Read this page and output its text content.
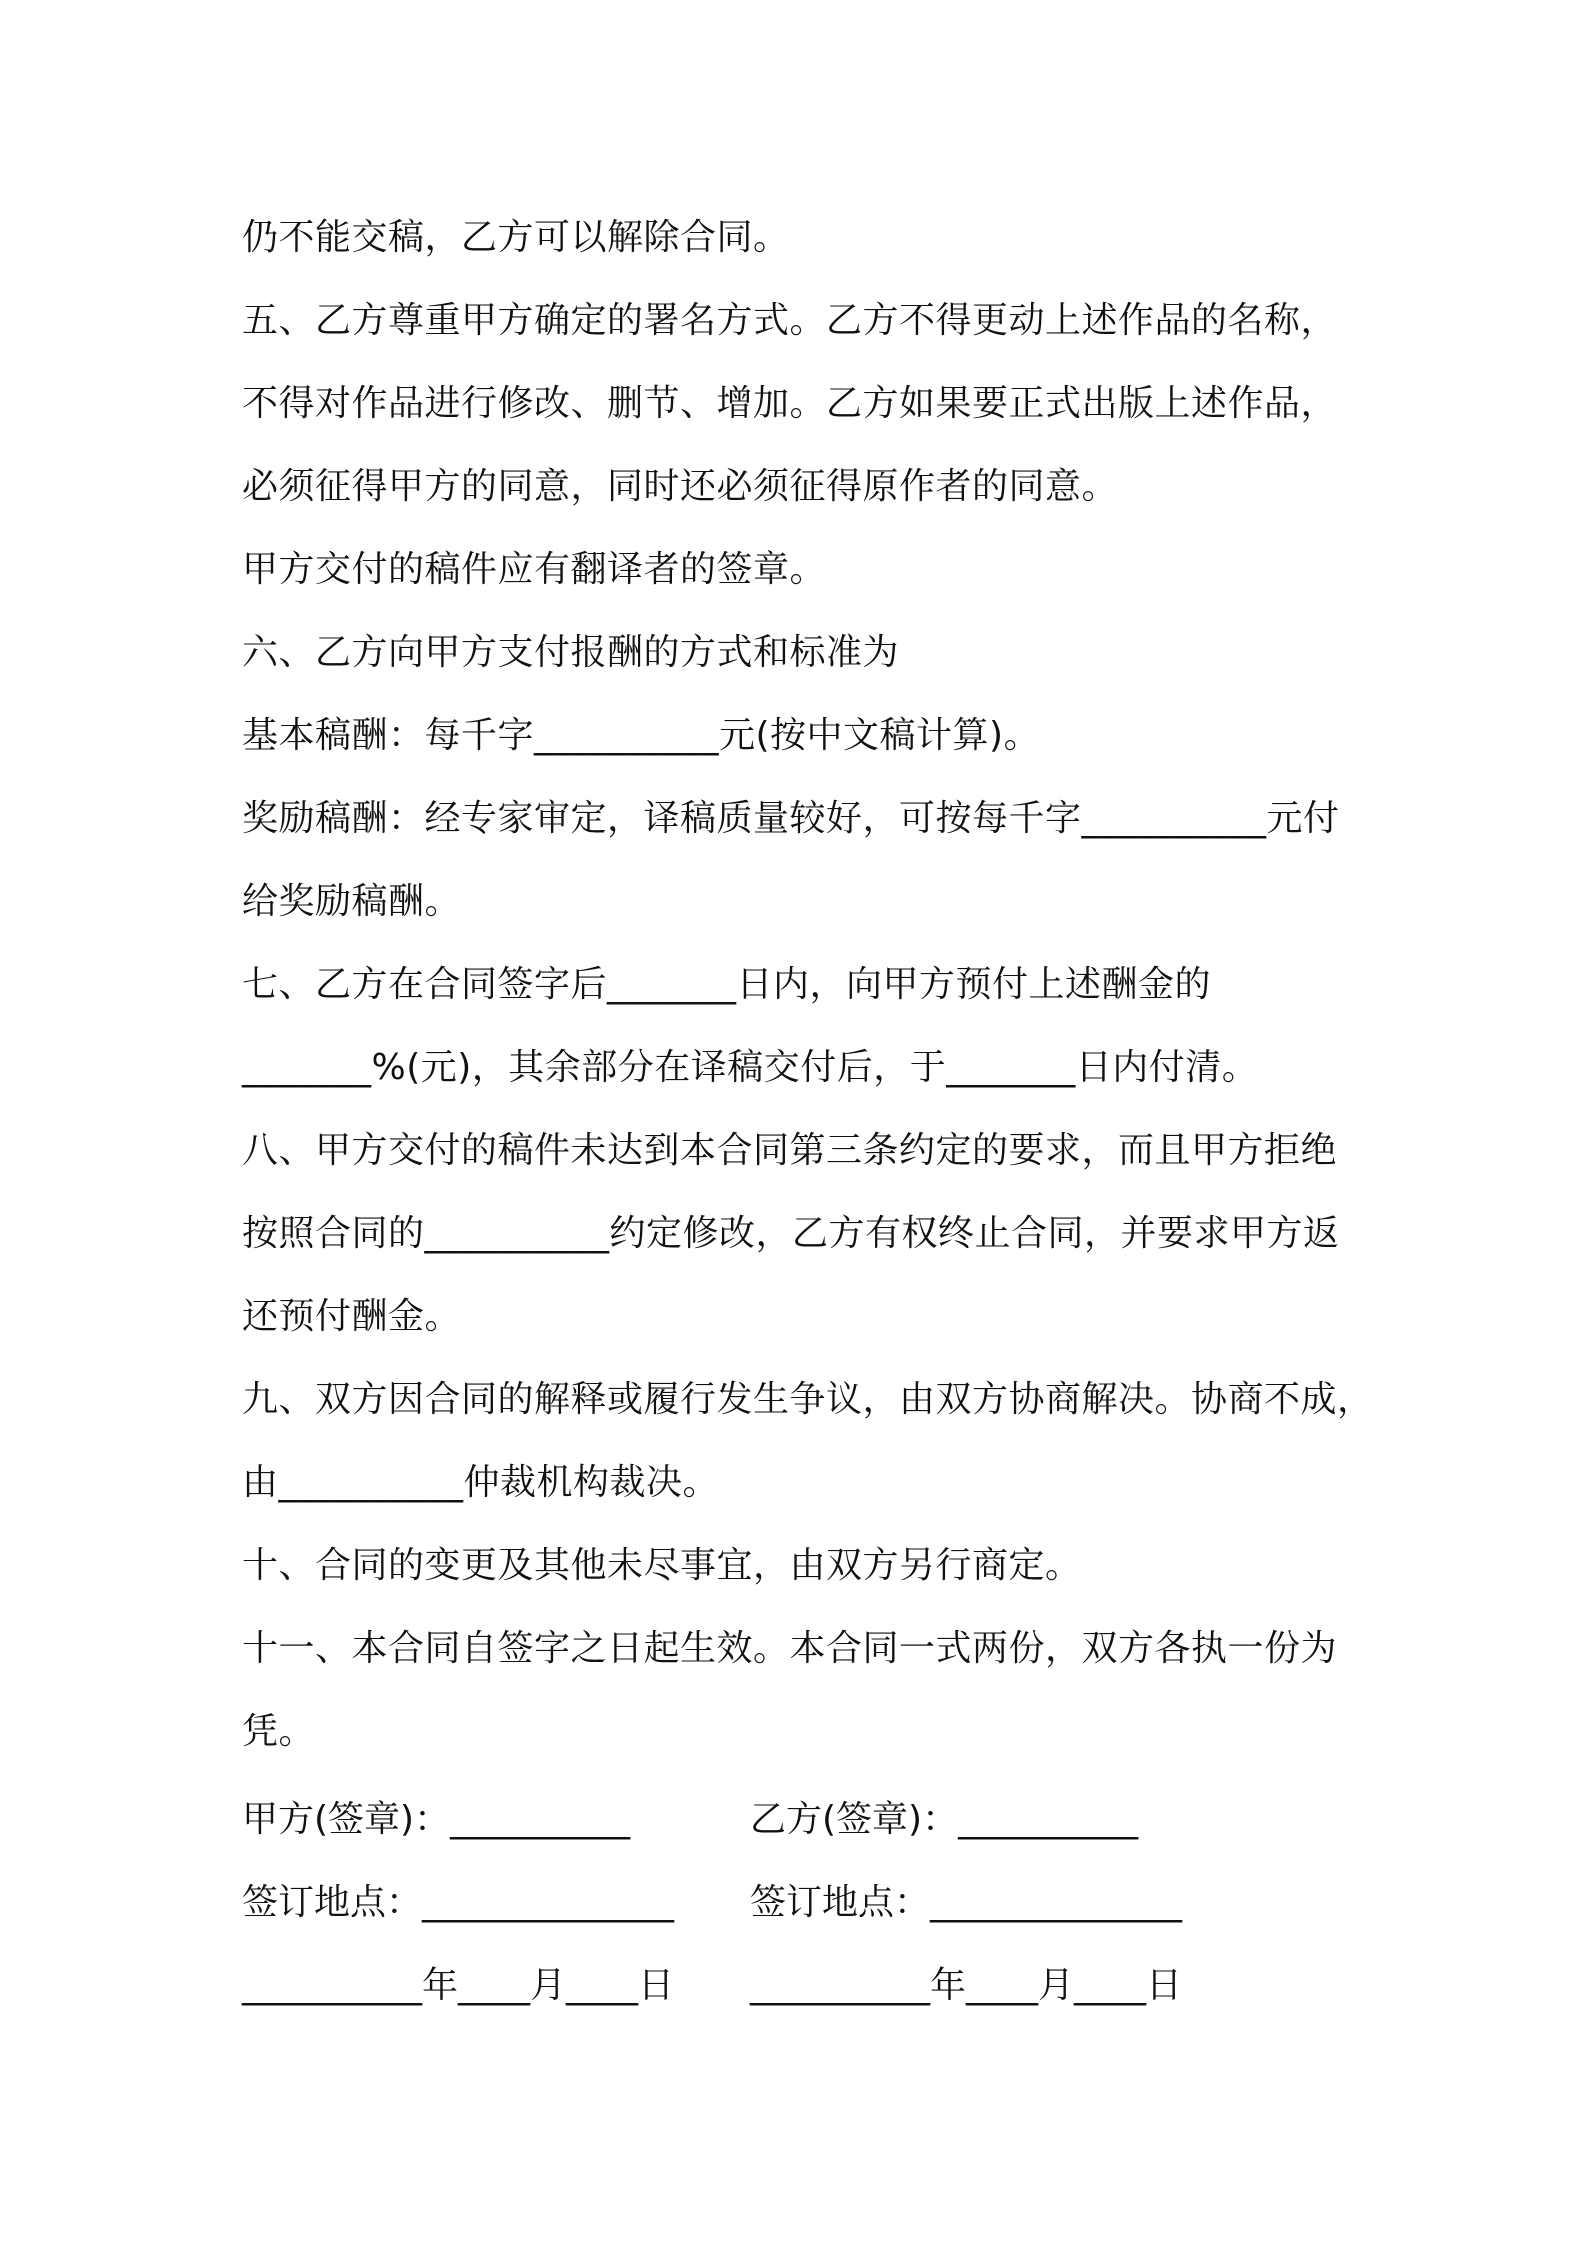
仍不能交稿，乙方可以解除合同。
五、乙方尊重甲方确定的署名方式。乙方不得更动上述作品的名称，
不得对作品进行修改、删节、增加。乙方如果要正式出版上述作品，
必须征得甲方的同意，同时还必须征得原作者的同意。
甲方交付的稿件应有翻译者的签章。
六、乙方向甲方支付报酬的方式和标准为
基本稿酬：每千字__________元(按中文稿计算)。
奖励稿酬：经专家审定，译稿质量较好，可按每千字__________元付
给奖励稿酬。
七、乙方在合同签字后_______日内，向甲方预付上述酬金的
_______%(元)，其余部分在译稿交付后，于_______日内付清。
八、甲方交付的稿件未达到本合同第三条约定的要求，而且甲方拒绝
按照合同的__________约定修改，乙方有权终止合同，并要求甲方返
还预付酬金。
九、双方因合同的解释或履行发生争议，由双方协商解决。协商不成，
由__________仲裁机构裁决。
十、合同的变更及其他未尽事宜，由双方另行商定。
十一、本合同自签字之日起生效。本合同一式两份，双方各执一份为
凭。
甲方(签章)：__________	乙方(签章)：__________
签订地点：______________ 签订地点：______________
__________年____月____日 __________年____月____日
